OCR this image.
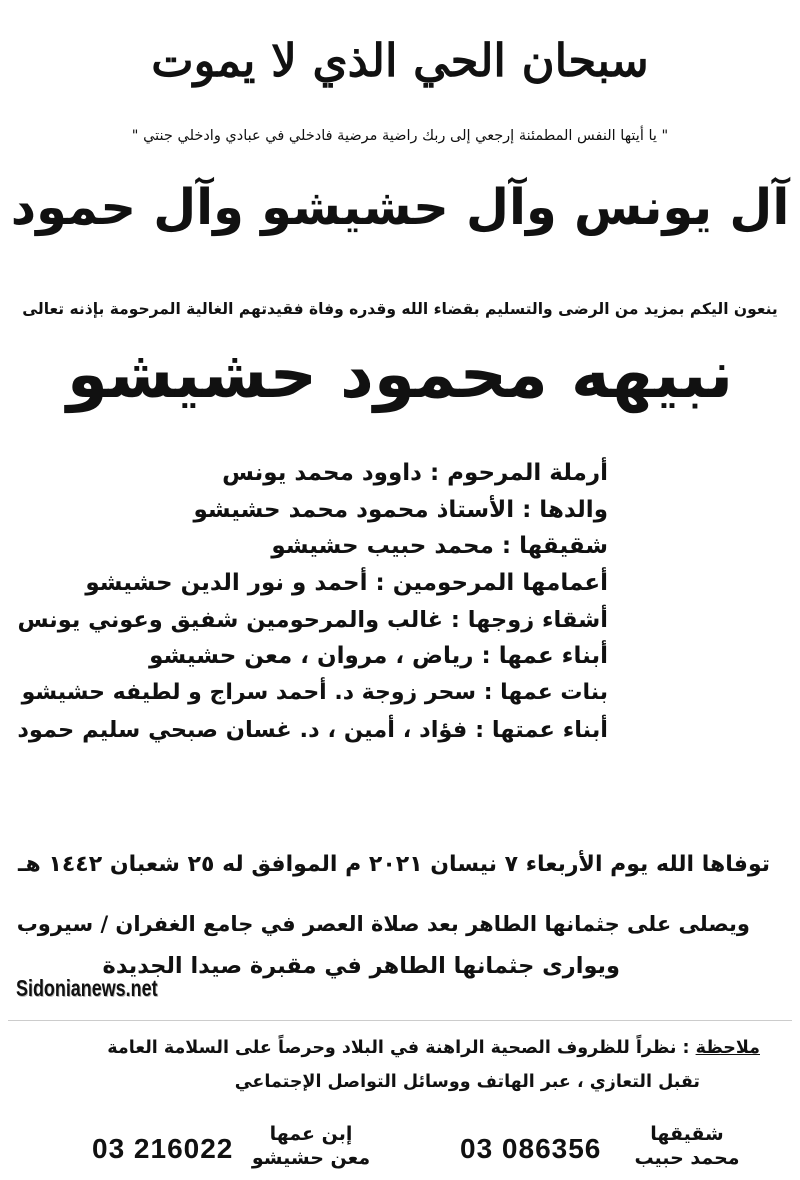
سبحان الحي الذي لا يموت
" يا أيتها النفس المطمئنة إرجعي إلى ربك راضية مرضية فادخلي في عبادي وادخلي جنتي "
آل يونس وآل حشيشو وآل حمود
ينعون اليكم بمزيد من الرضى والتسليم بقضاء الله وقدره وفاة فقيدتهم الغالية المرحومة بإذنه تعالى
نبيهه محمود حشيشو
أرملة المرحوم : داوود محمد يونس
والدها : الأستاذ محمود محمد حشيشو
شقيقها : محمد حبيب حشيشو
أعمامها المرحومين : أحمد و نور الدين حشيشو
أشقاء زوجها : غالب والمرحومين شفيق وعوني يونس
أبناء عمها : رياض ، مروان ، معن حشيشو
بنات عمها : سحر زوجة د. أحمد سراج و لطيفه حشيشو
أبناء عمتها : فؤاد ، أمين ، د. غسان صبحي سليم حمود
توفاها الله يوم الأربعاء ٧ نيسان ٢٠٢١ م الموافق له ٢٥ شعبان ١٤٤٢ هـ
ويصلى على جثمانها الطاهر بعد صلاة العصر في جامع الغفران / سيروب
ويوارى جثمانها الطاهر في مقبرة صيدا الجديدة
Sidonianews.net
ملاحظة : نظراً للظروف الصحية الراهنة في البلاد وحرصاً على السلامة العامة
تقبل التعازي ، عبر الهاتف ووسائل التواصل الإجتماعي
شقيقها
محمد حبيب
03 086356
إبن عمها
معن حشيشو
03 216022
